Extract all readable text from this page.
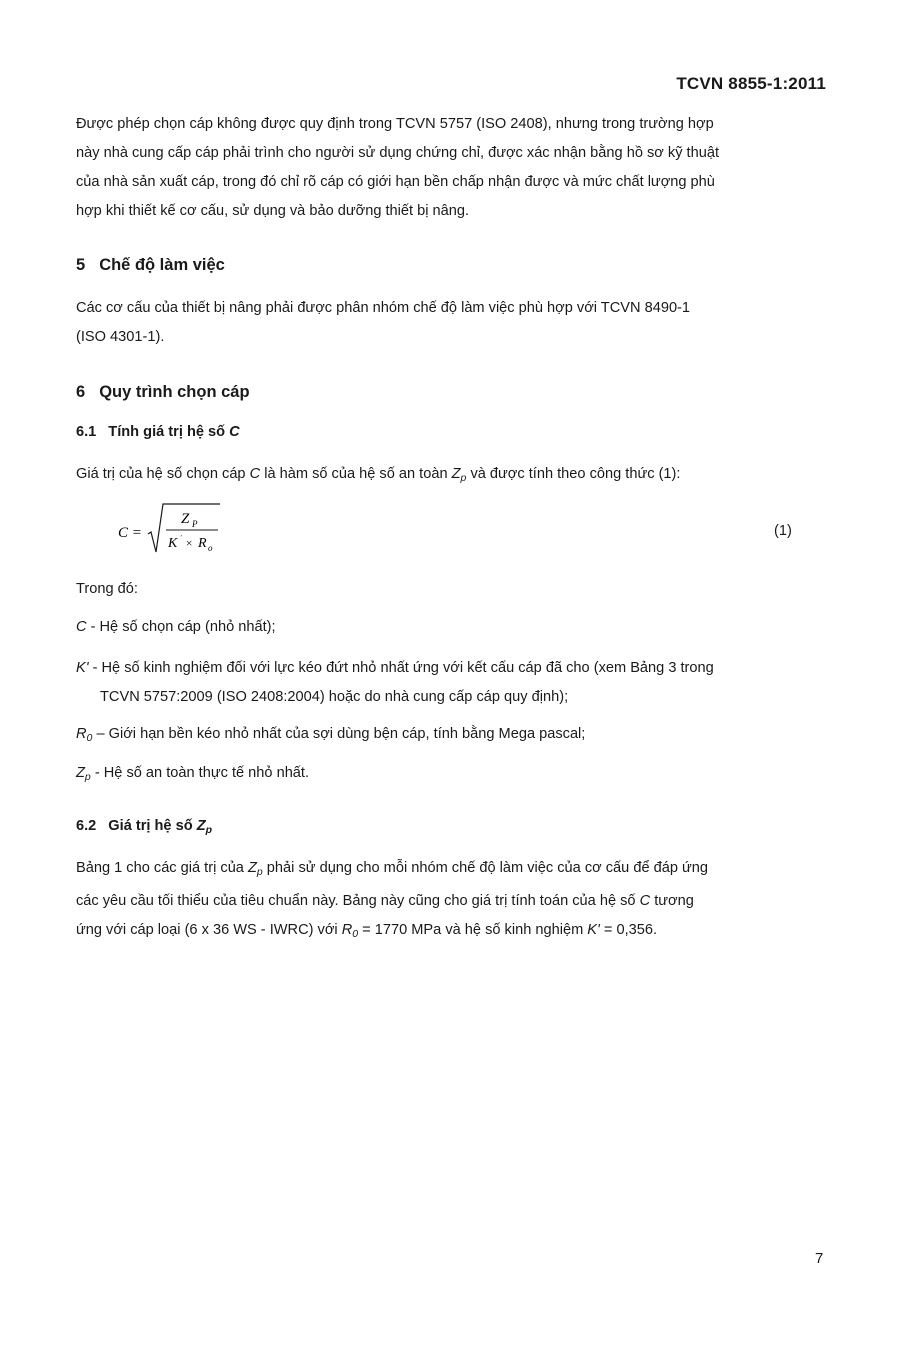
TCVN 8855-1:2011

Được phép chọn cáp không được quy định trong TCVN 5757 (ISO 2408), nhưng trong trường hợp
này nhà cung cấp cáp phải trình cho người sử dụng chứng chỉ, được xác nhận bằng hồ sơ kỹ thuật
của nhà sản xuất cáp, trong đó chỉ rõ cáp có giới hạn bền chấp nhận được và mức chất lượng phù
hợp khi thiết kế cơ cấu, sử dụng và bảo dưỡng thiết bị nâng.

5 Chế độ làm việc

Các cơ cấu của thiết bị nâng phải được phân nhóm chế độ làm việc phù hợp với TCVN 8490-1
(ISO 4301-1).

6 Quy trình chọn cáp
6.1 Tính giá trị hệ số C

Giá trị của hệ số chọn cáp C là hàm số của hệ số an toàn $Z_p$ và được tính theo công thức (1):

C =
Z P
K ' × R o
(1)
Trong đó:
C - Hệ số chọn cáp (nhỏ nhất);
K' - Hệ số kinh nghiệm đối với lực kéo đứt nhỏ nhất ứng với kết cấu cáp đã cho (xem Bảng 3 trong
TCVN 5757:2009 (ISO 2408:2004) hoặc do nhà cung cấp cáp quy định);
$R_0$ – Giới hạn bền kéo nhỏ nhất của sợi dùng bện cáp, tính bằng Mega pascal;
$Z_p$ - Hệ số an toàn thực tế nhỏ nhất.
6.2 Giá trị hệ số $Z_p$

Bảng 1 cho các giá trị của $Z_p$ phải sử dụng cho mỗi nhóm chế độ làm việc của cơ cấu để đáp ứng
các yêu cầu tối thiểu của tiêu chuẩn này. Bảng này cũng cho giá trị tính toán của hệ số C tương
ứng với cáp loại (6 x 36 WS - IWRC) với $R_0 = 1770$ MPa và hệ số kinh nghiệm K' = 0,356.

7
